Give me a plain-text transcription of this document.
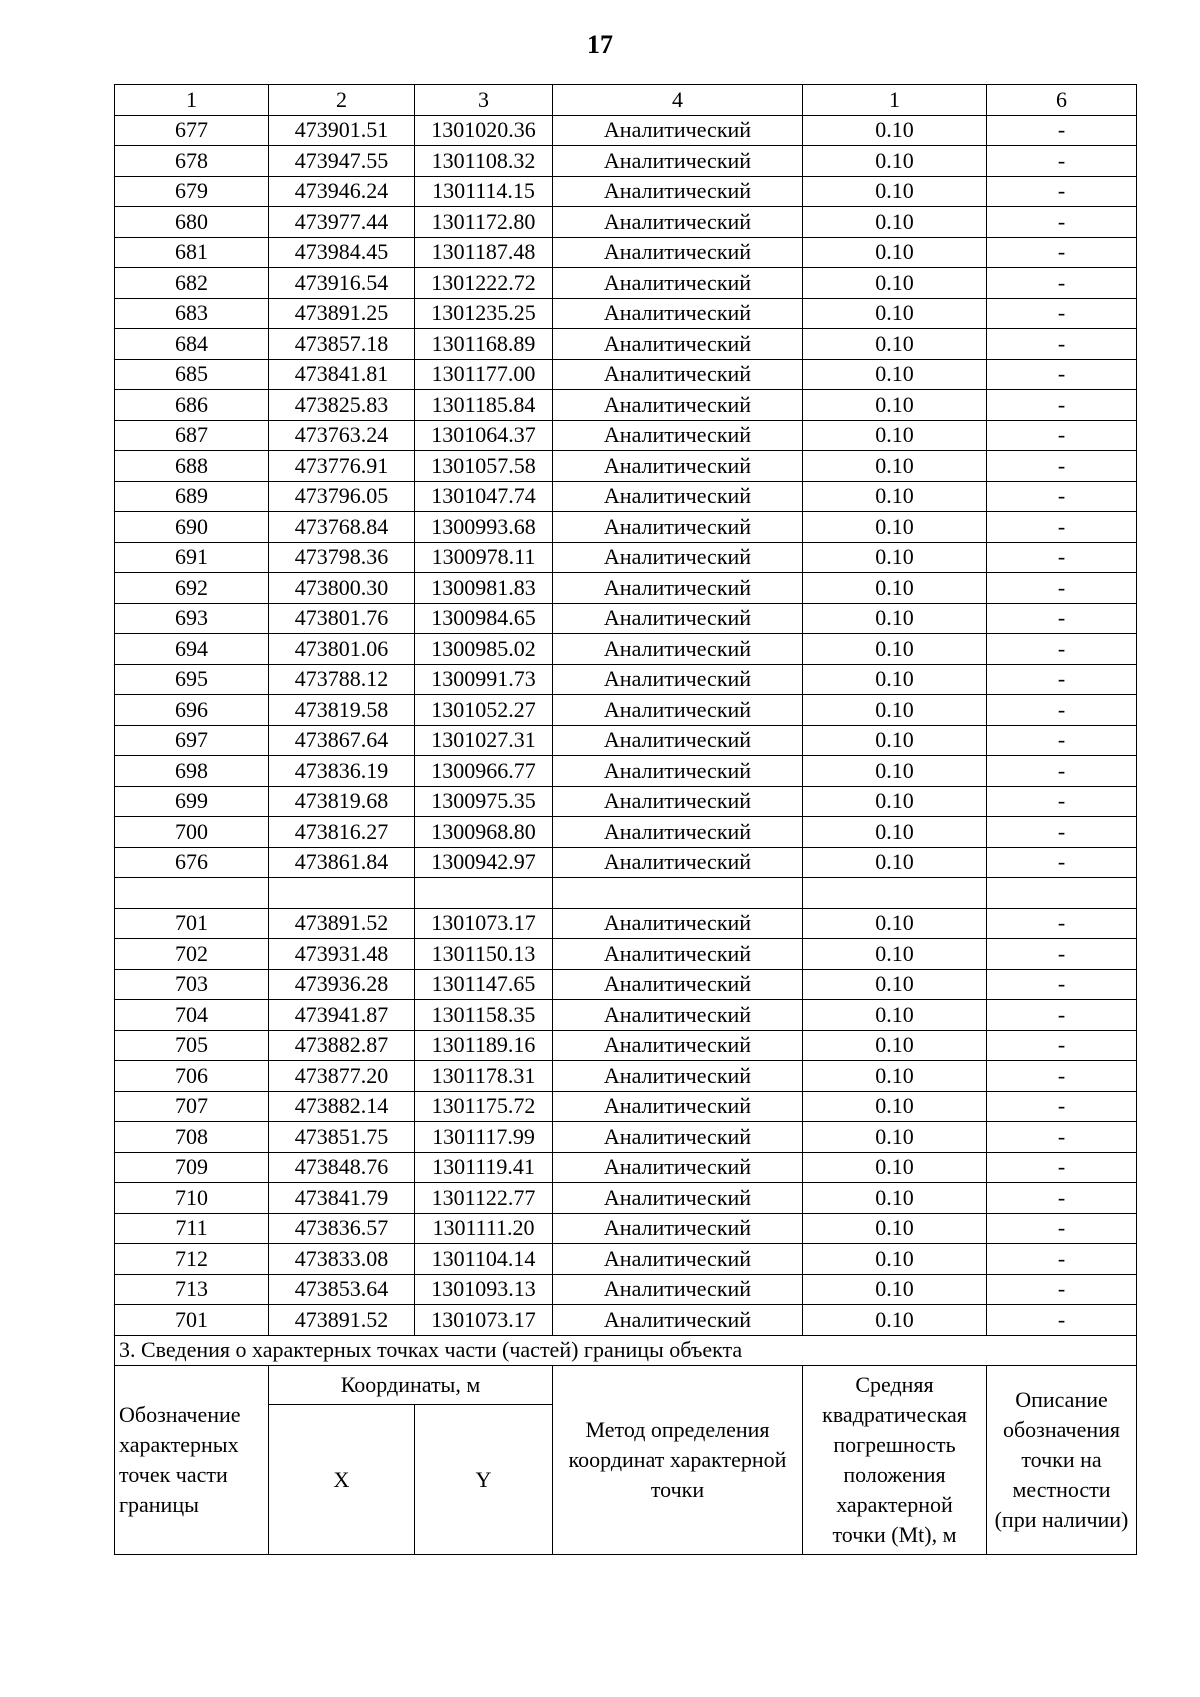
17
1	2	3	4	1	6
677	473901.51	1301020.36	Аналитический	0.10	-
678	473947.55	1301108.32	Аналитический	0.10	-
679	473946.24	1301114.15	Аналитический	0.10	-
680	473977.44	1301172.80	Аналитический	0.10	-
681	473984.45	1301187.48	Аналитический	0.10	-
682	473916.54	1301222.72	Аналитический	0.10	-
683	473891.25	1301235.25	Аналитический	0.10	-
684	473857.18	1301168.89	Аналитический	0.10	-
685	473841.81	1301177.00	Аналитический	0.10	-
686	473825.83	1301185.84	Аналитический	0.10	-
687	473763.24	1301064.37	Аналитический	0.10	-
688	473776.91	1301057.58	Аналитический	0.10	-
689	473796.05	1301047.74	Аналитический	0.10	-
690	473768.84	1300993.68	Аналитический	0.10	-
691	473798.36	1300978.11	Аналитический	0.10	-
692	473800.30	1300981.83	Аналитический	0.10	-
693	473801.76	1300984.65	Аналитический	0.10	-
694	473801.06	1300985.02	Аналитический	0.10	-
695	473788.12	1300991.73	Аналитический	0.10	-
696	473819.58	1301052.27	Аналитический	0.10	-
697	473867.64	1301027.31	Аналитический	0.10	-
698	473836.19	1300966.77	Аналитический	0.10	-
699	473819.68	1300975.35	Аналитический	0.10	-
700	473816.27	1300968.80	Аналитический	0.10	-
676	473861.84	1300942.97	Аналитический	0.10	-

701	473891.52	1301073.17	Аналитический	0.10	-
702	473931.48	1301150.13	Аналитический	0.10	-
703	473936.28	1301147.65	Аналитический	0.10	-
704	473941.87	1301158.35	Аналитический	0.10	-
705	473882.87	1301189.16	Аналитический	0.10	-
706	473877.20	1301178.31	Аналитический	0.10	-
707	473882.14	1301175.72	Аналитический	0.10	-
708	473851.75	1301117.99	Аналитический	0.10	-
709	473848.76	1301119.41	Аналитический	0.10	-
710	473841.79	1301122.77	Аналитический	0.10	-
711	473836.57	1301111.20	Аналитический	0.10	-
712	473833.08	1301104.14	Аналитический	0.10	-
713	473853.64	1301093.13	Аналитический	0.10	-
701	473891.52	1301073.17	Аналитический	0.10	-
3. Сведения о характерных точках части (частей) границы объекта					
Обозначение характерных точек части границы	Координаты, м		Метод определения координат характерной точки	Средняя квадратическая погрешность положения характерной точки (Mt), м	Описание обозначения точки на местности (при наличии)
	X	Y			
